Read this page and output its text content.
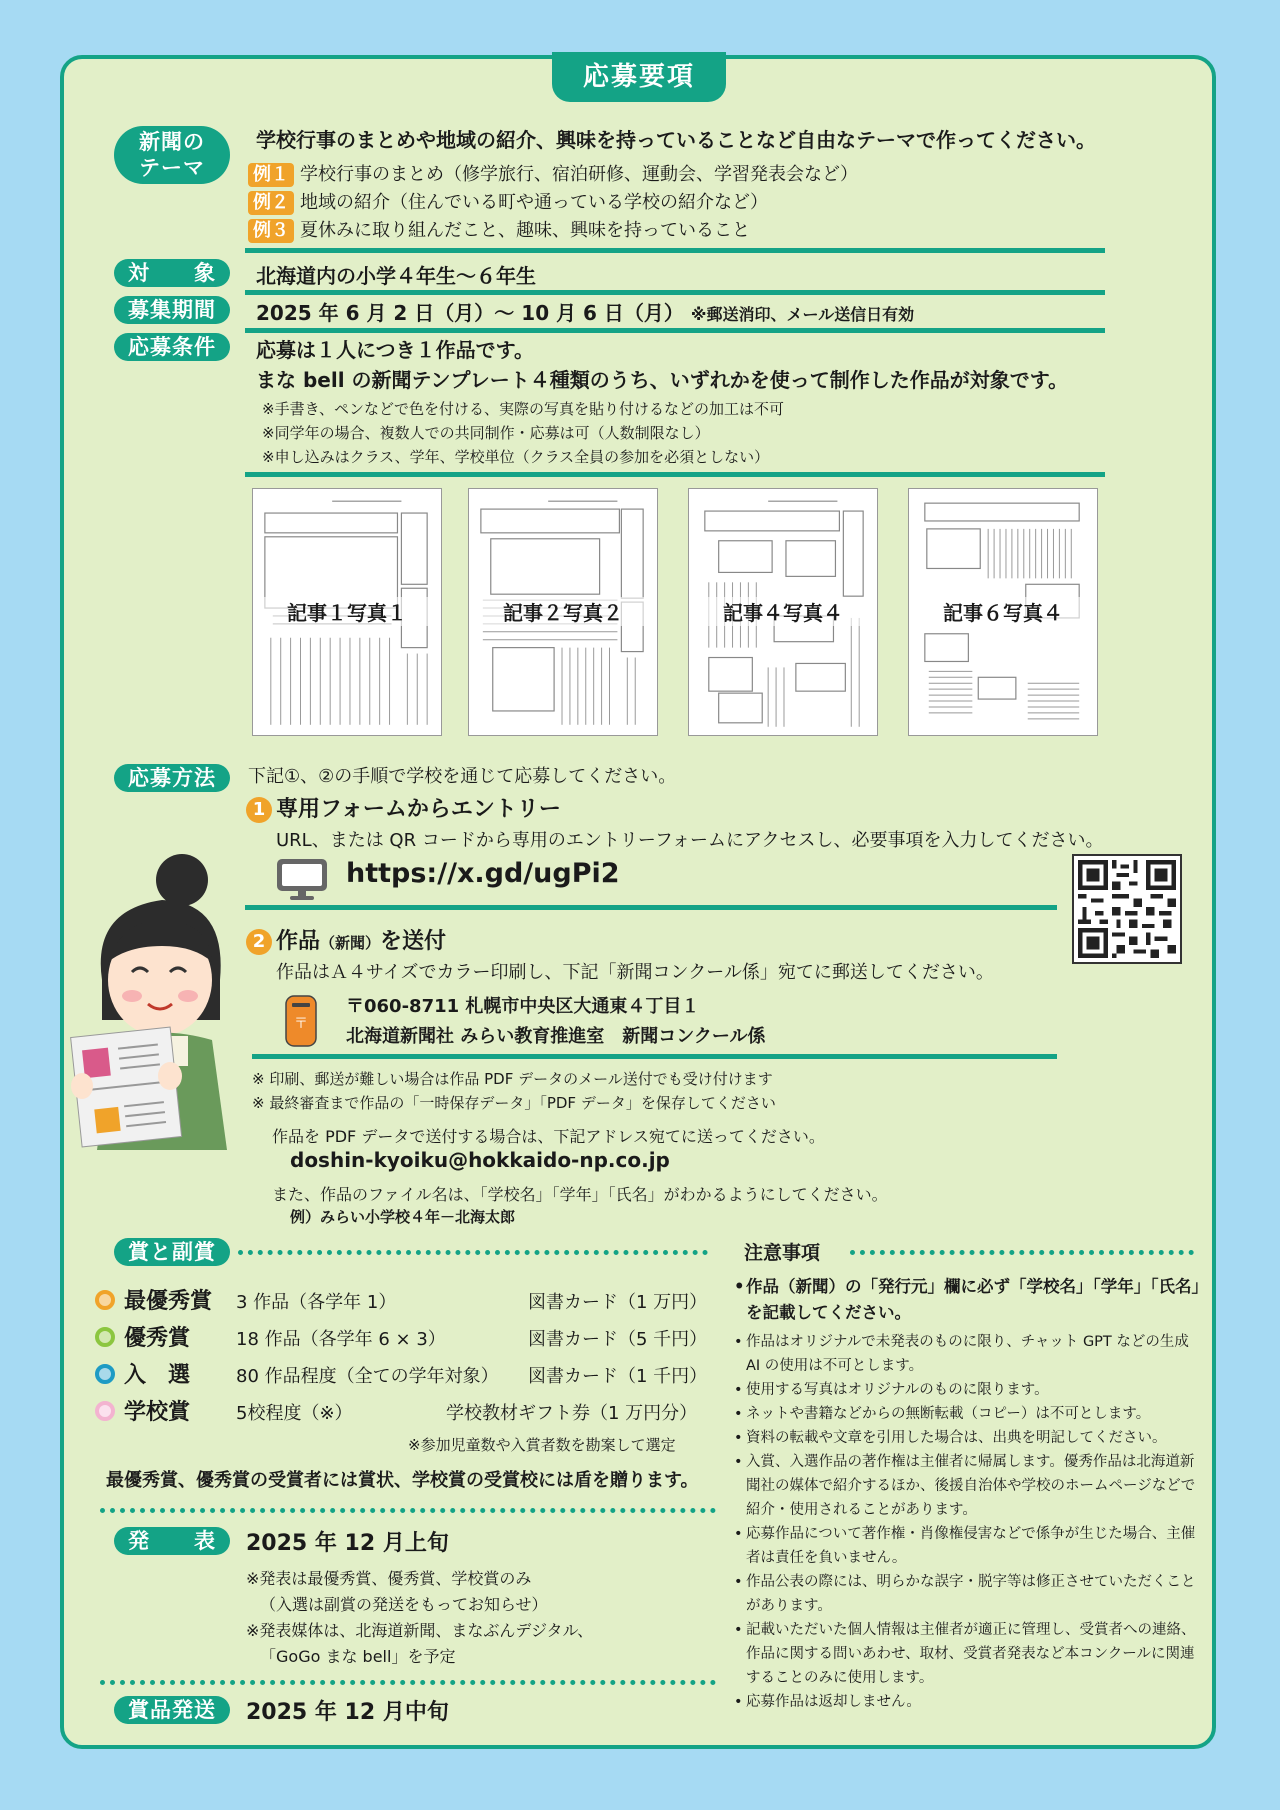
応募要項
新聞の
テーマ
学校行事のまとめや地域の紹介、興味を持っていることなど自由なテーマで作ってください。
例１ 学校行事のまとめ（修学旅行、宿泊研修、運動会、学習発表会など）
例２ 地域の紹介（住んでいる町や通っている学校の紹介など）
例３ 夏休みに取り組んだこと、趣味、興味を持っていること
対　　象	北海道内の小学４年生～６年生
募集期間	2025 年 6 月 2 日（月）～ 10 月 6 日（月） ※郵送消印、メール送信日有効
応募条件	応募は１人につき１作品です。
まな bell の新聞テンプレート４種類のうち、いずれかを使って制作した作品が対象です。
※手書き、ペンなどで色を付ける、実際の写真を貼り付けるなどの加工は不可
※同学年の場合、複数人での共同制作・応募は可（人数制限なし）
※申し込みはクラス、学年、学校単位（クラス全員の参加を必須としない）
記事１写真１	記事２写真２	記事４写真４	記事６写真４
応募方法	下記①、②の手順で学校を通じて応募してください。
1 専用フォームからエントリー
URL、または QR コードから専用のエントリーフォームにアクセスし、必要事項を入力してください。
https://x.gd/ugPi2
2 作品（新聞）を送付
作品はＡ４サイズでカラー印刷し、下記「新聞コンクール係」宛てに郵送してください。
〒
〒060-8711 札幌市中央区大通東４丁目１
北海道新聞社 みらい教育推進室　新聞コンクール係
※ 印刷、郵送が難しい場合は作品 PDF データのメール送付でも受け付けます
※ 最終審査まで作品の「一時保存データ」「PDF データ」を保存してください
作品を PDF データで送付する場合は、下記アドレス宛てに送ってください。
doshin-kyoiku@hokkaido-np.co.jp
また、作品のファイル名は、「学校名」「学年」「氏名」がわかるようにしてください。
例）みらい小学校４年－北海太郎
賞と副賞
最優秀賞 3 作品（各学年 1）	図書カード（1 万円）
優秀賞	18 作品（各学年 6 × 3）	図書カード（5 千円）
入　選	80 作品程度（全ての学年対象） 図書カード（1 千円）
学校賞	5校程度（※）	学校教材ギフト券（1 万円分）
※参加児童数や入賞者数を勘案して選定
最優秀賞、優秀賞の受賞者には賞状、学校賞の受賞校には盾を贈ります。
発　　表	2025 年 12 月上旬
※発表は最優秀賞、優秀賞、学校賞のみ
（入選は副賞の発送をもってお知らせ）
※発表媒体は、北海道新聞、まなぶんデジタル、
「GoGo まな bell」を予定
賞品発送	2025 年 12 月中旬
注意事項
• 作品（新聞）の「発行元」欄に必ず「学校名」「学年」「氏名」を記載してください。
• 作品はオリジナルで未発表のものに限り、チャット GPT などの生成 AI の使用は不可とします。
• 使用する写真はオリジナルのものに限ります。
• ネットや書籍などからの無断転載（コピー）は不可とします。
• 資料の転載や文章を引用した場合は、出典を明記してください。
• 入賞、入選作品の著作権は主催者に帰属します。優秀作品は北海道新聞社の媒体で紹介するほか、後援自治体や学校のホームページなどで紹介・使用されることがあります。
• 応募作品について著作権・肖像権侵害などで係争が生じた場合、主催者は責任を負いません。
• 作品公表の際には、明らかな誤字・脱字等は修正させていただくことがあります。
• 記載いただいた個人情報は主催者が適正に管理し、受賞者への連絡、作品に関する問いあわせ、取材、受賞者発表など本コンクールに関連することのみに使用します。
• 応募作品は返却しません。
